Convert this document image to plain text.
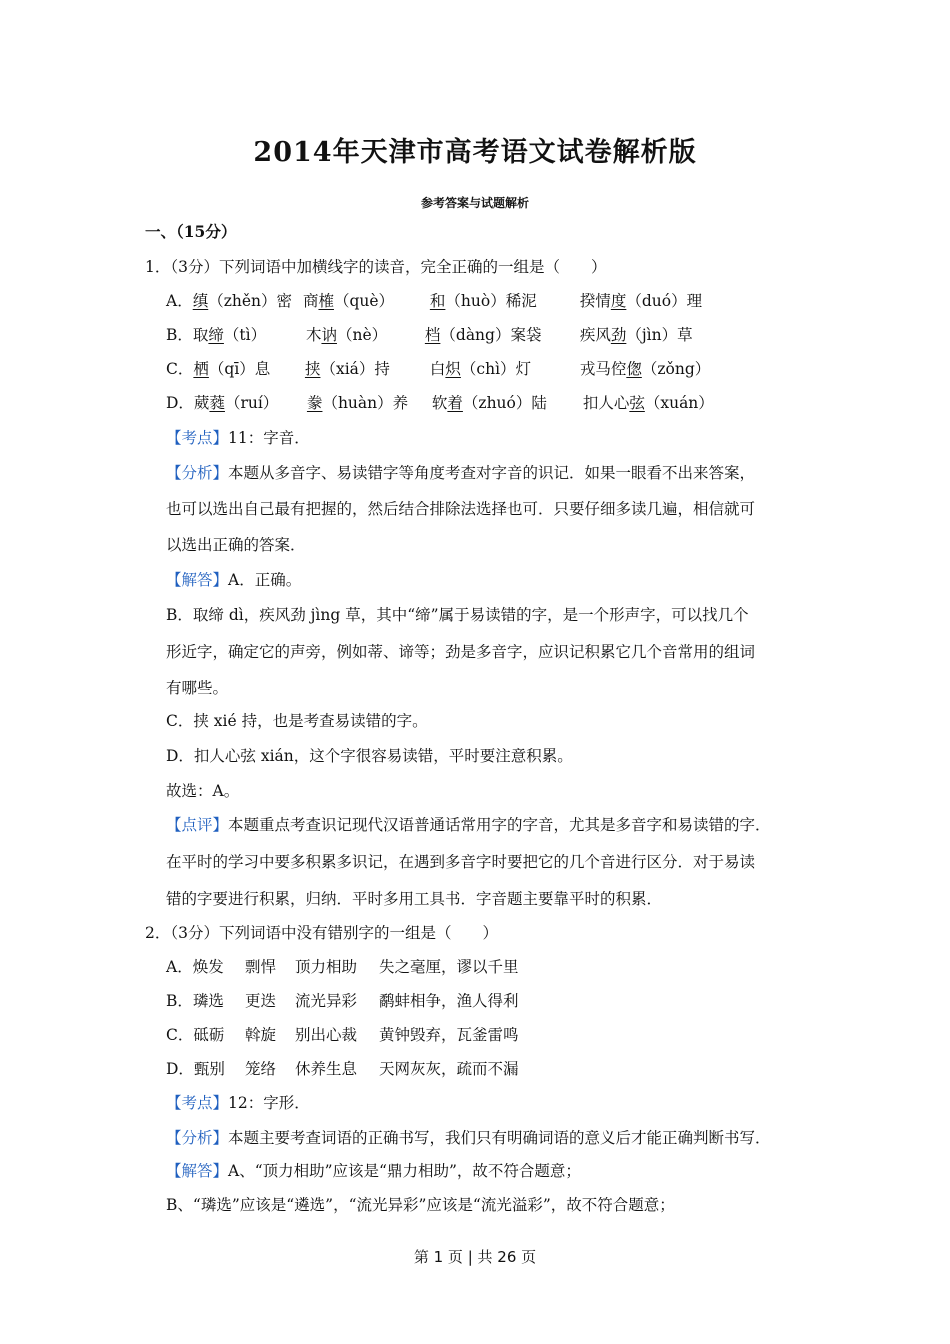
2014年天津市高考语文试卷解析版
参考答案与试题解析
一、（15分）
1．（3分）下列词语中加横线字的读音，完全正确的一组是（　　）
A．缜（zhěn）密 商榷（què） 和（huò）稀泥	揆情度（duó）理
B．取缔（tì）	木讷（nè） 档（dàng）案袋 疾风劲（jìn）草
C．栖（qī）息 挟（xiá）持	白炽（chì）灯	戎马倥偬（zǒng）
D．葳蕤（ruí） 豢（huàn）养 软着（zhuó）陆 扣人心弦（xuán）
【考点】11：字音．
【分析】本题从多音字、易读错字等角度考查对字音的识记．如果一眼看不出来答案，
也可以选出自己最有把握的，然后结合排除法选择也可．只要仔细多读几遍，相信就可
以选出正确的答案．
【解答】A．正确。
B．取缔 dì，疾风劲 jìng 草，其中“缔”属于易读错的字，是一个形声字，可以找几个
形近字，确定它的声旁，例如蒂、谛等；劲是多音字，应识记积累它几个音常用的组词
有哪些。
C．挟 xié 持，也是考查易读错的字。
D．扣人心弦 xián，这个字很容易读错，平时要注意积累。
故选：A。
【点评】本题重点考查识记现代汉语普通话常用字的字音，尤其是多音字和易读错的字．
在平时的学习中要多积累多识记，在遇到多音字时要把它的几个音进行区分．对于易读
错的字要进行积累，归纳．平时多用工具书．字音题主要靠平时的积累．
2．（3分）下列词语中没有错别字的一组是（　　）
A．焕发 剽悍 顶力相助 失之毫厘，谬以千里
B．璘选 更迭 流光异彩 鹬蚌相争，渔人得利
C．砥砺 斡旋 别出心裁 黄钟毁弃，瓦釜雷鸣
D．甄别 笼络 休养生息 天网灰灰，疏而不漏
【考点】12：字形．
【分析】本题主要考查词语的正确书写，我们只有明确词语的意义后才能正确判断书写．
【解答】A、“顶力相助”应该是“鼎力相助”，故不符合题意；
B、“璘选”应该是“遴选”，“流光异彩”应该是“流光溢彩”，故不符合题意；
第 1 页 | 共 26 页
